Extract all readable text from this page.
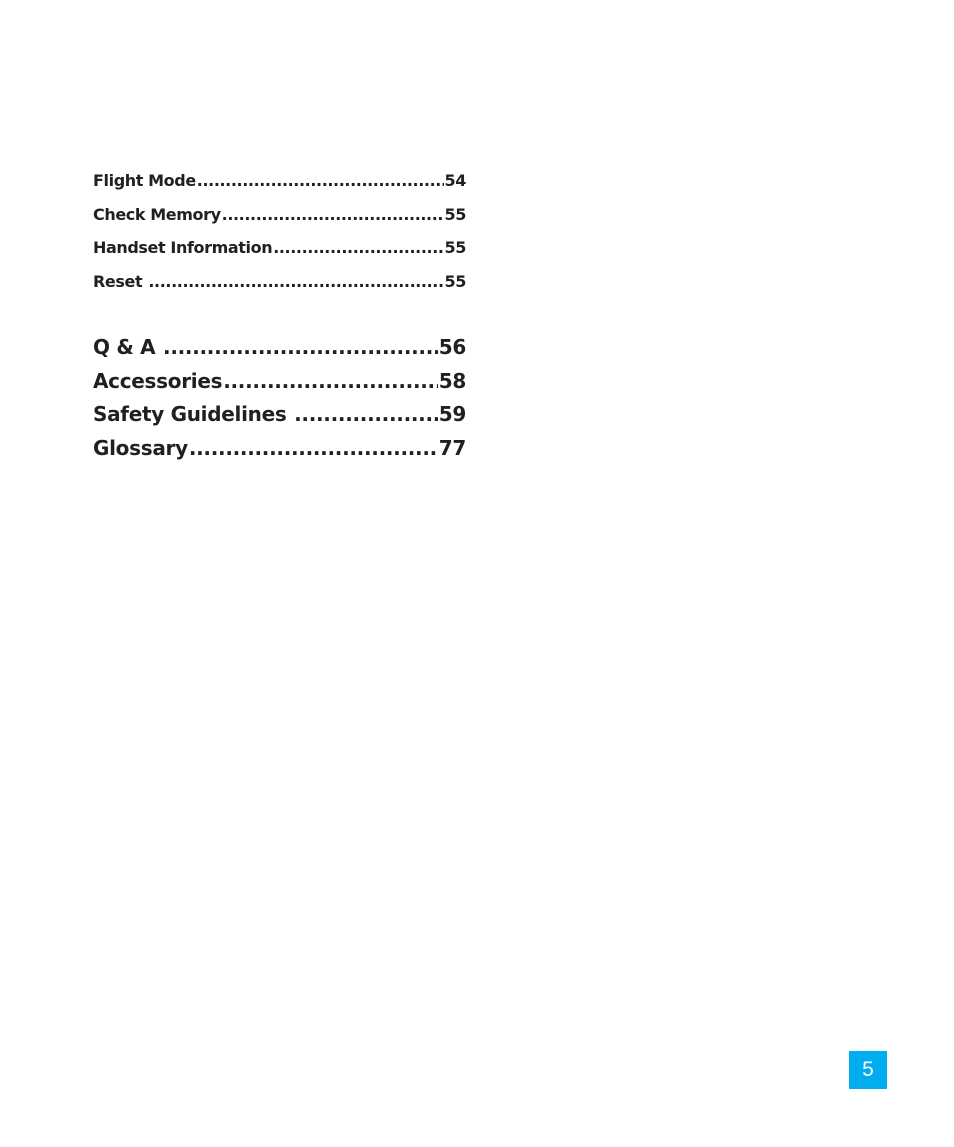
Flight Mode .....	54
Check Memory .....	55
Handset Information .....	55
Reset .....	55
Q & A .....	56
Accessories .....	58
Safety Guidelines .....	59
Glossary .....	77
5
